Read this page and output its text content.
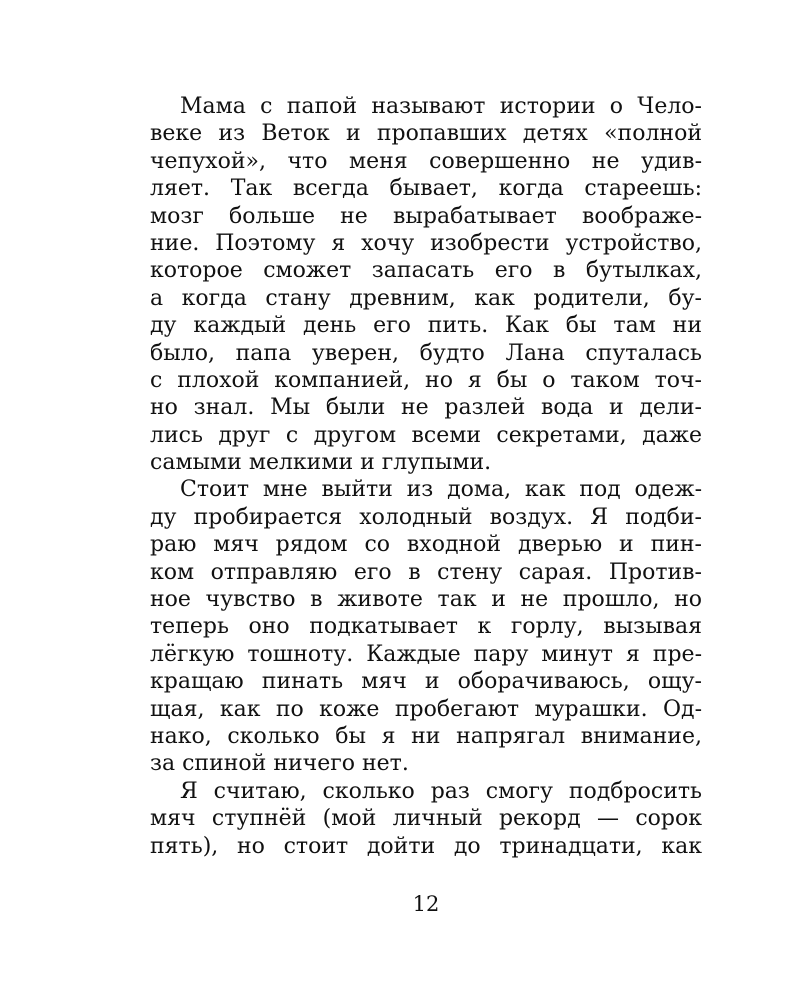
Мама с папой называют истории о Чело-
веке из Веток и пропавших детях «полной
чепухой», что меня совершенно не удив-
ляет. Так всегда бывает, когда стареешь:
мозг больше не вырабатывает воображе-
ние. Поэтому я хочу изобрести устройство,
которое сможет запасать его в бутылках,
а когда стану древним, как родители, бу-
ду каждый день его пить. Как бы там ни
было, папа уверен, будто Лана спуталась
с плохой компанией, но я бы о таком точ-
но знал. Мы были не разлей вода и дели-
лись друг с другом всеми секретами, даже
самыми мелкими и глупыми.
Стоит мне выйти из дома, как под одеж-
ду пробирается холодный воздух. Я подби-
раю мяч рядом со входной дверью и пин-
ком отправляю его в стену сарая. Против-
ное чувство в животе так и не прошло, но
теперь оно подкатывает к горлу, вызывая
лёгкую тошноту. Каждые пару минут я пре-
кращаю пинать мяч и оборачиваюсь, ощу-
щая, как по коже пробегают мурашки. Од-
нако, сколько бы я ни напрягал внимание,
за спиной ничего нет.
Я считаю, сколько раз смогу подбросить
мяч ступнёй (мой личный рекорд — сорок
пять), но стоит дойти до тринадцати, как
12
